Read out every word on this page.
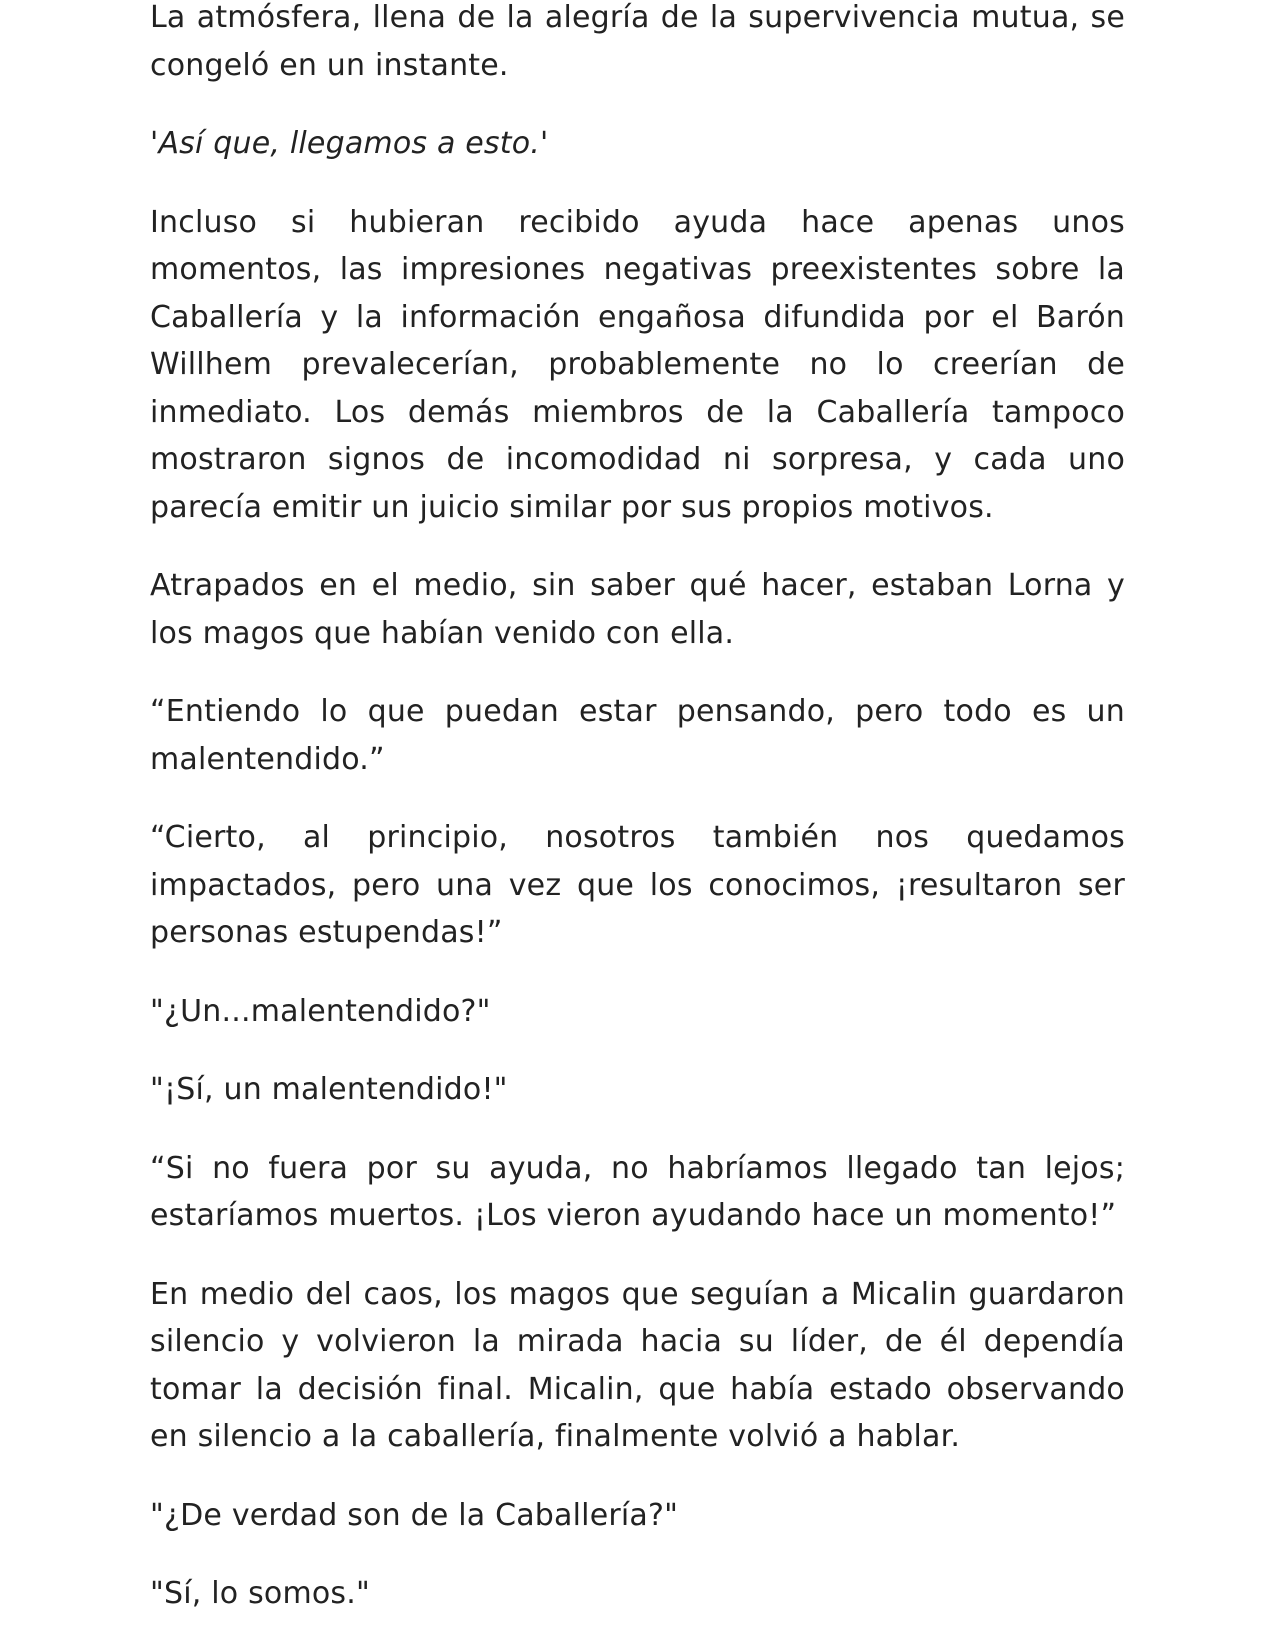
La atmósfera, llena de la alegría de la supervivencia mutua, se congeló en un instante.

'Así que, llegamos a esto.'

Incluso si hubieran recibido ayuda hace apenas unos momentos, las impresiones negativas preexistentes sobre la Caballería y la información engañosa difundida por el Barón Willhem prevalecerían, probablemente no lo creerían de inmediato. Los demás miembros de la Caballería tampoco mostraron signos de incomodidad ni sorpresa, y cada uno parecía emitir un juicio similar por sus propios motivos.

Atrapados en el medio, sin saber qué hacer, estaban Lorna y los magos que habían venido con ella.

“Entiendo lo que puedan estar pensando, pero todo es un malentendido.”

“Cierto, al principio, nosotros también nos quedamos impactados, pero una vez que los conocimos, ¡resultaron ser personas estupendas!”

"¿Un...malentendido?"

"¡Sí, un malentendido!"

“Si no fuera por su ayuda, no habríamos llegado tan lejos; estaríamos muertos. ¡Los vieron ayudando hace un momento!”

En medio del caos, los magos que seguían a Micalin guardaron silencio y volvieron la mirada hacia su líder, de él dependía tomar la decisión final. Micalin, que había estado observando en silencio a la caballería, finalmente volvió a hablar.

"¿De verdad son de la Caballería?"

"Sí, lo somos."
